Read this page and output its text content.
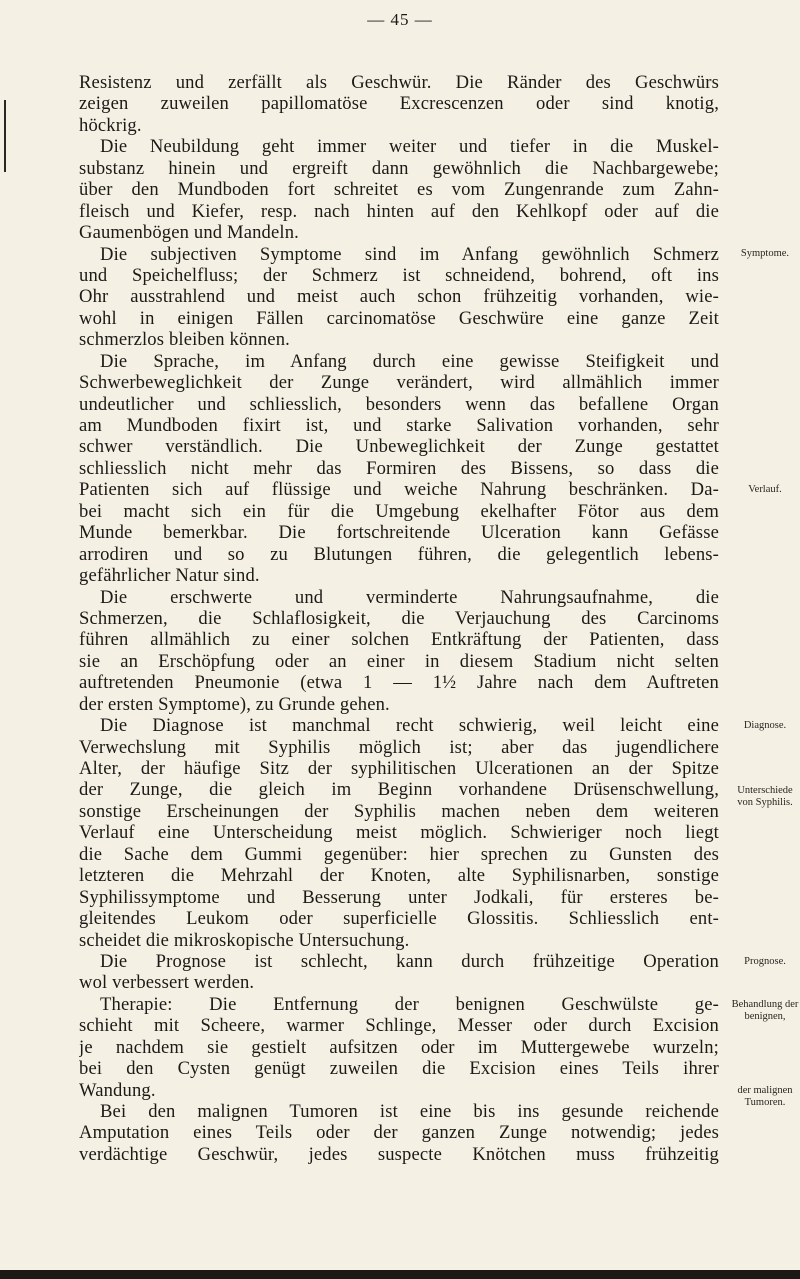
— 45 —
Resistenz und zerfällt als Geschwür. Die Ränder des Geschwürs
zeigen zuweilen papillomatöse Excrescenzen oder sind knotig,
höckrig.
Die Neubildung geht immer weiter und tiefer in die Muskel-
substanz hinein und ergreift dann gewöhnlich die Nachbargewebe;
über den Mundboden fort schreitet es vom Zungenrande zum Zahn-
fleisch und Kiefer, resp. nach hinten auf den Kehlkopf oder auf die
Gaumenbögen und Mandeln.
Die subjectiven Symptome sind im Anfang gewöhnlich Schmerz
und Speichelfluss; der Schmerz ist schneidend, bohrend, oft ins
Ohr ausstrahlend und meist auch schon frühzeitig vorhanden, wie-
wohl in einigen Fällen carcinomatöse Geschwüre eine ganze Zeit
schmerzlos bleiben können.
Die Sprache, im Anfang durch eine gewisse Steifigkeit und
Schwerbeweglichkeit der Zunge verändert, wird allmählich immer
undeutlicher und schliesslich, besonders wenn das befallene Organ
am Mundboden fixirt ist, und starke Salivation vorhanden, sehr
schwer verständlich. Die Unbeweglichkeit der Zunge gestattet
schliesslich nicht mehr das Formiren des Bissens, so dass die
Patienten sich auf flüssige und weiche Nahrung beschränken. Da-
bei macht sich ein für die Umgebung ekelhafter Fötor aus dem
Munde bemerkbar. Die fortschreitende Ulceration kann Gefässe
arrodiren und so zu Blutungen führen, die gelegentlich lebens-
gefährlicher Natur sind.
Die erschwerte und verminderte Nahrungsaufnahme, die
Schmerzen, die Schlaflosigkeit, die Verjauchung des Carcinoms
führen allmählich zu einer solchen Entkräftung der Patienten, dass
sie an Erschöpfung oder an einer in diesem Stadium nicht selten
auftretenden Pneumonie (etwa 1 — 1½ Jahre nach dem Auftreten
der ersten Symptome), zu Grunde gehen.
Die Diagnose ist manchmal recht schwierig, weil leicht eine
Verwechslung mit Syphilis möglich ist; aber das jugendlichere
Alter, der häufige Sitz der syphilitischen Ulcerationen an der Spitze
der Zunge, die gleich im Beginn vorhandene Drüsenschwellung,
sonstige Erscheinungen der Syphilis machen neben dem weiteren
Verlauf eine Unterscheidung meist möglich. Schwieriger noch liegt
die Sache dem Gummi gegenüber: hier sprechen zu Gunsten des
letzteren die Mehrzahl der Knoten, alte Syphilisnarben, sonstige
Syphilissymptome und Besserung unter Jodkali, für ersteres be-
gleitendes Leukom oder superficielle Glossitis. Schliesslich ent-
scheidet die mikroskopische Untersuchung.
Die Prognose ist schlecht, kann durch frühzeitige Operation
wol verbessert werden.
Therapie: Die Entfernung der benignen Geschwülste ge-
schieht mit Scheere, warmer Schlinge, Messer oder durch Excision
je nachdem sie gestielt aufsitzen oder im Muttergewebe wurzeln;
bei den Cysten genügt zuweilen die Excision eines Teils ihrer
Wandung.
Bei den malignen Tumoren ist eine bis ins gesunde reichende
Amputation eines Teils oder der ganzen Zunge notwendig; jedes
verdächtige Geschwür, jedes suspecte Knötchen muss frühzeitig
Symptome.
Verlauf.
Diagnose.
Unterschiede von Syphilis.
Prognose.
Behandlung der benignen,
der malignen Tumoren.
